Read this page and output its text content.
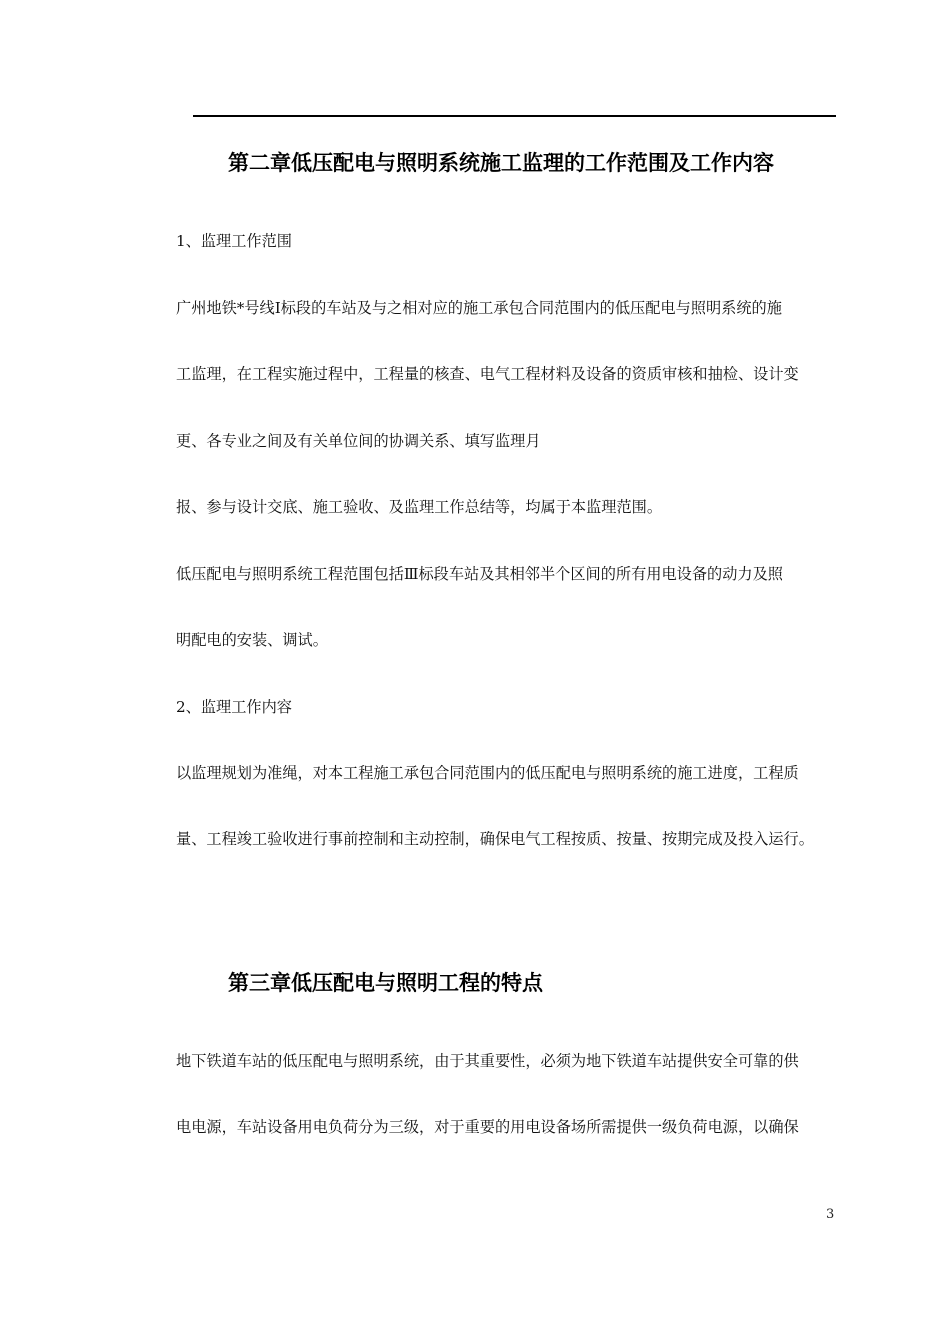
第二章低压配电与照明系统施工监理的工作范围及工作内容
1、监理工作范围
广州地铁*号线Ⅰ标段的车站及与之相对应的施工承包合同范围内的低压配电与照明系统的施
工监理，在工程实施过程中，工程量的核查、电气工程材料及设备的资质审核和抽检、设计变
更、各专业之间及有关单位间的协调关系、填写监理月
报、参与设计交底、施工验收、及监理工作总结等，均属于本监理范围。
低压配电与照明系统工程范围包括Ⅲ标段车站及其相邻半个区间的所有用电设备的动力及照
明配电的安装、调试。
2、监理工作内容
以监理规划为准绳，对本工程施工承包合同范围内的低压配电与照明系统的施工进度，工程质
量、工程竣工验收进行事前控制和主动控制，确保电气工程按质、按量、按期完成及投入运行。
第三章低压配电与照明工程的特点
地下铁道车站的低压配电与照明系统，由于其重要性，必须为地下铁道车站提供安全可靠的供
电电源，车站设备用电负荷分为三级，对于重要的用电设备场所需提供一级负荷电源，以确保
3
